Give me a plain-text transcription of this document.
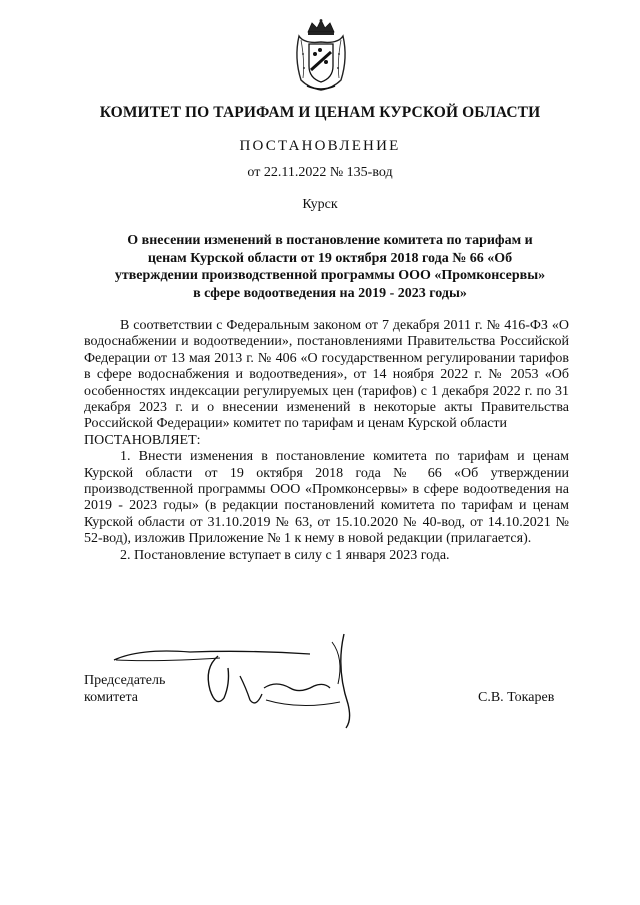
КОМИТЕТ ПО ТАРИФАМ И ЦЕНАМ КУРСКОЙ ОБЛАСТИ
ПОСТАНОВЛЕНИЕ
от 22.11.2022 № 135-вод
Курск
О внесении изменений в постановление комитета по тарифам и ценам Курской области от 19 октября 2018 года № 66 «Об утверждении производственной программы ООО «Промконсервы» в сфере водоотведения на 2019 - 2023 годы»

В соответствии с Федеральным законом от 7 декабря 2011 г. № 416-ФЗ «О водоснабжении и водоотведении», постановлениями Правительства Российской Федерации от 13 мая 2013 г. № 406 «О государственном регулировании тарифов в сфере водоснабжения и водоотведения», от 14 ноября 2022 г. № 2053 «Об особенностях индексации регулируемых цен (тарифов) с 1 декабря 2022 г. по 31 декабря 2023 г. и о внесении изменений в некоторые акты Правительства Российской Федерации» комитет по тарифам и ценам Курской области

ПОСТАНОВЛЯЕТ:

1. Внести изменения в постановление комитета по тарифам и ценам Курской области от 19 октября 2018 года № 66 «Об утверждении производственной программы ООО «Промконсервы» в сфере водоотведения на 2019 - 2023 годы» (в редакции постановлений комитета по тарифам и ценам Курской области от 31.10.2019 № 63, от 15.10.2020 № 40-вод, от 14.10.2021 № 52-вод), изложив Приложение № 1 к нему в новой редакции (прилагается).

2. Постановление вступает в силу с 1 января 2023 года.

Председатель
комитета	С.В. Токарев
